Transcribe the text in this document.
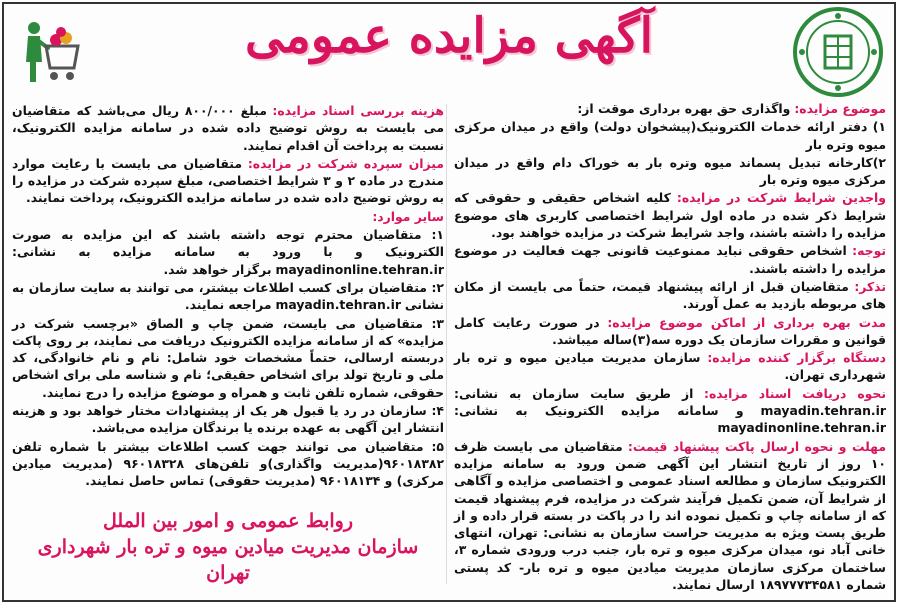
آگهی مزایده عمومی

موضوع مزایده: واگذاری حق بهره برداری موقت از:

۱) دفتر ارائه خدمات الکترونیک(پیشخوان دولت) واقع در میدان مرکزی میوه وتره بار

۲)کارخانه تبدیل پسماند میوه وتره بار به خوراک دام واقع در میدان مرکزی میوه وتره بار

واجدین شرایط شرکت در مزایده: کلیه اشخاص حقیقی و حقوقی که شرایط ذکر شده در ماده اول شرایط اختصاصی کاربری های موضوع مزایده را داشته باشند، واجد شرایط شرکت در مزایده خواهند بود.

توجه: اشخاص حقوقی نباید ممنوعیت قانونی جهت فعالیت در موضوع مزایده را داشته باشند.

تذکر: متقاضیان قبل از ارائه پیشنهاد قیمت، حتماً می بایست از مکان های مربوطه بازدید به عمل آورند.

مدت بهره برداری از اماکن موضوع مزایده: در صورت رعایت کامل قوانین و مقررات سازمان یک دوره سه(۳)ساله میباشد.

دستگاه برگزار کننده مزایده: سازمان مدیریت میادین میوه و تره بار شهرداری تهران.

نحوه دریافت اسناد مزایده: از طریق سایت سازمان به نشانی: mayadin.tehran.ir و سامانه مزایده الکترونیک به نشانی: mayadinonline.tehran.ir

مهلت و نحوه ارسال پاکت پیشنهاد قیمت: متقاضیان می بایست ظرف ۱۰ روز از تاریخ انتشار این آگهی ضمن ورود به سامانه مزایده الکترونیک سازمان و مطالعه اسناد عمومی و اختصاصی مزایده و آگاهی از شرایط آن، ضمن تکمیل فرآیند شرکت در مزایده، فرم پیشنهاد قیمت که از سامانه چاپ و تکمیل نموده اند را در پاکت در بسته قرار داده و از طریق پست ویژه به مدیریت حراست سازمان به نشانی: تهران، انتهای خانی آباد نو، میدان مرکزی میوه و تره بار، جنب درب ورودی شماره ۳، ساختمان مرکزی سازمان مدیریت میادین میوه و تره بار- کد پستی شماره ۱۸۹۷۷۷۳۴۵۸۱ ارسال نمایند.

هزینه بررسی اسناد مزایده: مبلغ ۸۰۰/۰۰۰ ریال می‌باشد که متقاضیان می بایست به روش توضیح داده شده در سامانه مزایده الکترونیک، نسبت به پرداخت آن اقدام نمایند.

میزان سپرده شرکت در مزایده: متقاضیان می بایست با رعایت موارد مندرج در ماده ۲ و ۳ شرایط اختصاصی، مبلغ سپرده شرکت در مزایده را به روش توضیح داده شده در سامانه مزایده الکترونیک، پرداخت نمایند.

سایر موارد:

۱: متقاضیان محترم توجه داشته باشند که این مزایده به صورت الکترونیک و با ورود به سامانه مزایده به نشانی: mayadinonline.tehran.ir برگزار خواهد شد.

۲: متقاضیان برای کسب اطلاعات بیشتر، می توانند به سایت سازمان به نشانی mayadin.tehran.ir مراجعه نمایند.

۳: متقاضیان می بایست، ضمن چاپ و الصاق «برچسب شرکت در مزایده» که از سامانه مزایده الکترونیک دریافت می نمایند، بر روی پاکت دربسته ارسالی، حتماً مشخصات خود شامل: نام و نام خانوادگی، کد ملی و تاریخ تولد برای اشخاص حقیقی؛ نام و شناسه ملی برای اشخاص حقوقی، شماره تلفن ثابت و همراه و موضوع مزایده را درج نمایند.

۴: سازمان در رد یا قبول هر یک از پیشنهادات مختار خواهد بود و هزینه انتشار این آگهی به عهده برنده یا برندگان مزایده می‌باشد.

۵: متقاضیان می توانند جهت کسب اطلاعات بیشتر با شماره تلفن ۹۶۰۱۸۳۸۲(مدیریت واگذاری)و تلفن‌های ۹۶۰۱۸۳۲۸ (مدیریت میادین مرکزی) و ۹۶۰۱۸۱۳۴ (مدیریت حقوقی) تماس حاصل نمایند.

روابط عمومی و امور بین الملل
سازمان مدیریت میادین میوه و تره بار شهرداری تهران
